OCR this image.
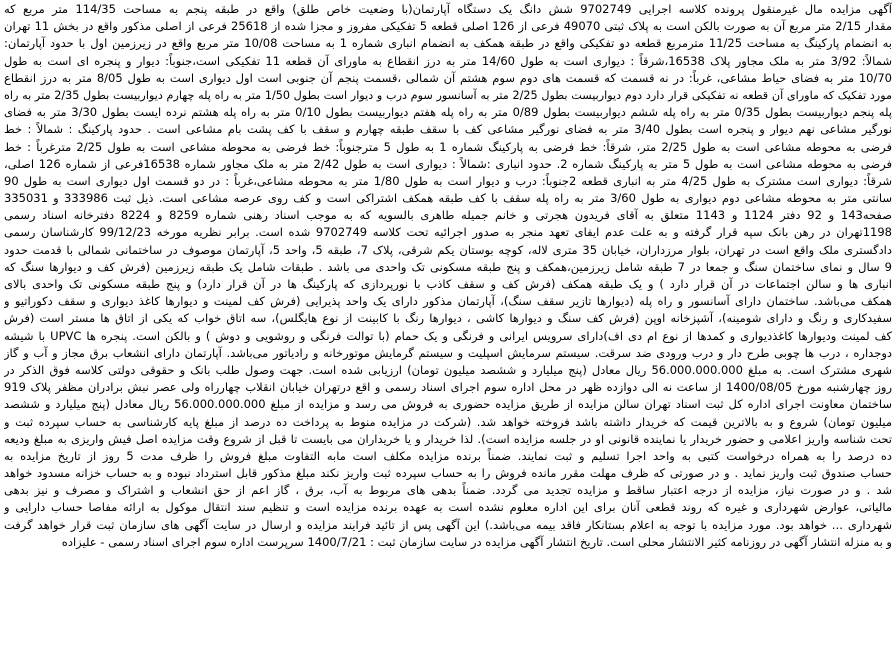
آگهی مزایده مال غیرمنقول پرونده کلاسه اجرایی 9702749 شش دانگ یک دستگاه آپارتمان(با وضعیت خاص طلق) واقع در طبقه پنجم به مساحت 114/35 متر مربع که
مقدار 2/15 متر مربع آن به صورت بالکن است به پلاک ثبتی 49070 فرعی از 126 اصلی قطعه 5 تفکیکی مفروز و مجزا شده از 25618 فرعی از اصلی مذکور واقع در بخش 11 تهران
به انضمام پارکینگ به مساحت 11/25 مترمربع قطعه دو تفکیکی واقع در طبقه همکف به انضمام انباری شماره 1 به مساحت 10/08 متر مربع واقع در زیرزمین اول با حدود آپارتمان:
شمالاً: 3/92 متر به ملک مجاور پلاک 16538،شرقاً : دیواری است به طول 14/60 متر به درز انقطاع به ماورای آن قطعه 11 تفکیکی است،جنوباً: دیوار و پنجره ای است به طول
10/70 متر به فضای حیاط مشاعی، غرباً: در نه قسمت که قسمت های دوم سوم هشتم آن شمالی ،قسمت پنجم آن جنوبی است اول دیواری است به طول 8/05 متر به درز انقطاع
مورد تفکیک که ماورای آن قطعه نه تفکیکی قرار دارد دوم دیواربیست بطول 2/25 متر به آسانسور سوم درب و دیوار است بطول 1/50 متر به راه پله چهارم دیواربیست بطول 2/35 متر به راه
پله پنجم دیواربیست بطول 0/35 متر به راه پله ششم دیواربیست بطول 0/89 متر به راه پله هفتم دیواربیست بطول 0/10 متر به راه پله هشتم نرده ایست بطول 3/30 متر به فضای
نورگیر مشاعی نهم دیوار و پنجره است بطول 3/40 متر به فضای نورگیر مشاعی کف با سقف طبقه چهارم و سقف با کف پشت بام مشاعی است . حدود پارکینگ : شمالاً : خط
فرضی به محوطه مشاعی است به طول 2/25 متر، شرقاً: خط فرضی به پارکینگ شماره 1 به طول 5 مترجنوباً: خط فرضی به محوطه مشاعی است به طول 2/25 مترغرباً : خط
فرضی به محوطه مشاعی است به طول 5 متر به پارکینگ شماره 2. حدود انباری :شمالاً : دیواری است به طول 2/42 متر به ملک مجاور شماره 16538فرعی از شماره 126 اصلی،
شرقاً: دیواری است مشترک به طول 4/25 متر به انباری قطعه 2جنوباً: درب و دیوار است به طول 1/80 متر به محوطه مشاعی،غرباً : در دو قسمت اول دیواری است به طول 90
سانتی متر به محوطه مشاعی دوم دیواری به طول 3/60 متر به راه پله سقف با کف طبقه همکف اشتراکی است و کف روی عرصه مشاعی است. ذیل ثبت 333986 و 335031
صفحه143 و 92 دفتر 1124 و 1143 متعلق به آقای فریدون هجرتی و خانم جمیله طاهری بالسویه که به موجب اسناد رهنی شماره 8259 و 8224 دفترخانه اسناد رسمی
1198تهران در رهن بانک سپه قرار گرفته و به علت عدم ایفای تعهد منجر به صدور اجرائیه تحت کلاسه 9702749 شده است. برابر نظریه مورخه 99/12/23 کارشناسان رسمی
دادگستری ملک واقع است در تهران، بلوار مرزداران، خیابان 35 متری لاله، کوچه بوستان یکم شرقی، پلاک 7، طبقه 5، واحد 5، آپارتمان موصوف در ساختمانی شمالی با قدمت حدود
9 سال و نمای ساختمان سنگ و جمعا در 7 طبقه شامل زیرزمین،همکف و پنج طبقه مسکونی تک واحدی می باشد . طبقات شامل یک طبقه زیرزمین (فرش کف و دیوارها سنگ که
انباری ها و سالن اجتماعات در آن قرار دارد ) و یک طبقه همکف (فرش کف و سقف کاذب با نورپردازی که پارکینگ ها در آن قرار دارد) و پنج طبقه مسکونی تک واحدی بالای
همکف می‌باشد. ساختمان دارای آسانسور و راه پله (دیوارها تازیر سقف سنگ)، آپارتمان مذکور دارای یک واحد پذیرایی (فرش کف لمینت و دیوارها کاغذ دیواری و سقف دکوراتیو و
سفیدکاری و رنگ و دارای شومینه)، آشپزخانه اوپن (فرش کف سنگ و دیوارها کاشی ، دیوارها رنگ با کابینت از نوع هایگلس)، سه اتاق خواب که یکی از اتاق ها مستر است (فرش
کف لمینت ودیوارها کاغذدیواری و کمدها از نوع ام دی اف)دارای سرویس ایرانی و فرنگی و یک حمام (با توالت فرنگی و روشویی و دوش ) و بالکن است. پنجره ها UPVC با شیشه
دوجداره ، درب ها چوبی طرح دار و درب ورودی ضد سرقت. سیستم سرمایش اسپلیت و سیستم گرمایش موتورخانه و رادیاتور می‌باشد. آپارتمان دارای انشعاب برق مجاز و آب و گاز
شهری مشترک است. به مبلغ 56.000.000.000 ریال معادل (پنج میلیارد و ششصد میلیون تومان) ارزیابی شده است. جهت وصول طلب بانک و حقوقی دولتی کلاسه فوق الذکر در
روز چهارشنبه مورخ 1400/08/05 از ساعت نه الی دوازده ظهر در محل اداره سوم اجرای اسناد رسمی و اقع درتهران خیابان انقلاب چهارراه ولی عصر نبش برادران مظفر پلاک 919
ساختمان معاونت اجرای اداره کل ثبت اسناد تهران سالن مزایده از طریق مزایده حضوری به فروش می رسد و مزایده از مبلغ 56.000.000.000 ریال معادل (پنج میلیارد و ششصد
میلیون تومان) شروع و به بالاترین قیمت که خریدار داشته باشد فروخته خواهد شد. (شرکت در مزایده منوط به پرداخت ده درصد از مبلغ پایه کارشناسی به حساب سپرده ثبت و
تحت شناسه واریز اعلامی و حضور خریدار یا نماینده قانونی او در جلسه مزایده است). لذا خریدار و یا خریداران می بایست تا قبل از شروع وقت مزایده اصل فیش واریزی به مبلغ ودیعه
ده درصد را به همراه درخواست کتبی به واحد اجرا تسلیم و ثبت نمایند. ضمناً برنده مزایده مکلف است مابه التفاوت مبلغ فروش را ظرف مدت 5 روز از تاریخ مزایده به
حساب صندوق ثبت واریز نماید . و در صورتی که ظرف مهلت مقرر مانده فروش را به حساب سپرده ثبت واریز نکند مبلغ مذکور قابل استرداد نبوده و به حساب خزانه مسدود خواهد
شد . و در صورت نیاز، مزایده از درجه اعتبار ساقط و مزایده تجدید می گردد. ضمناً بدهی های مربوط به آب، برق ، گاز اعم از حق انشعاب و اشتراک و مصرف و نیز بدهی
مالیاتی، عوارض شهرداری و غیره که روند قطعی آنان برای این اداره معلوم نشده است به عهده برنده مزایده است و تنظیم سند انتقال موکول به ارائه مفاصا حساب دارایی و
شهرداری ... خواهد بود. مورد مزایده با توجه به اعلام بستانکار فاقد بیمه می‌باشد.) این آگهی پس از تائید فرایند مزایده و ارسال در سایت آگهی های سازمان ثبت قرار خواهد گرفت
و به منزله انتشار آگهی در روزنامه کثیر الانتشار محلی است. تاریخ انتشار آگهی مزایده در سایت سازمان ثبت : 1400/7/21 سرپرست اداره سوم اجرای اسناد رسمی - علیزاده
